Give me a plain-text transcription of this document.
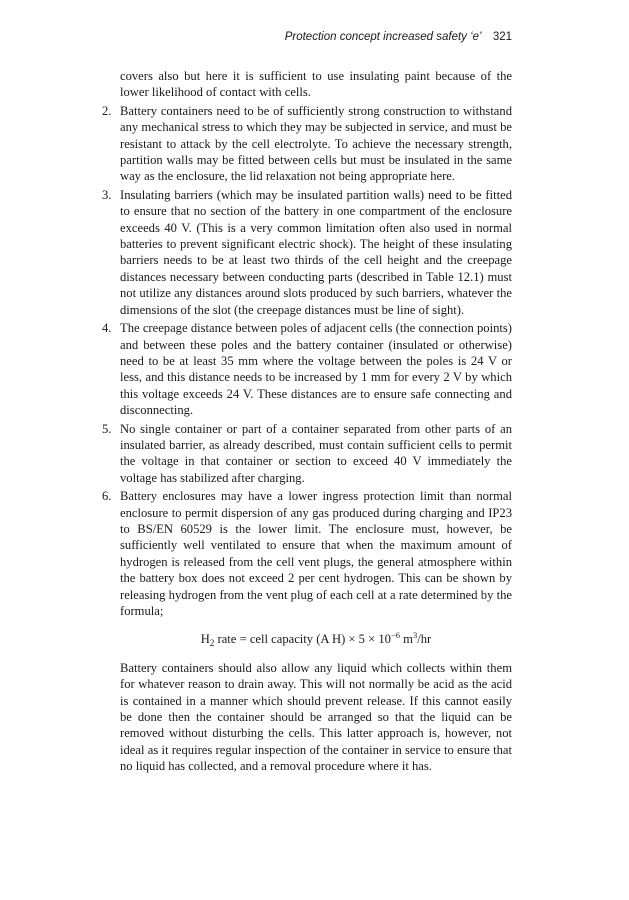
Protection concept increased safety ‘e’ 321

covers also but here it is sufficient to use insulating paint because of the lower likelihood of contact with cells.

2. Battery containers need to be of sufficiently strong construction to withstand any mechanical stress to which they may be subjected in service, and must be resistant to attack by the cell electrolyte. To achieve the necessary strength, partition walls may be fitted between cells but must be insulated in the same way as the enclosure, the lid relaxation not being appropriate here.

3. Insulating barriers (which may be insulated partition walls) need to be fitted to ensure that no section of the battery in one compartment of the enclosure exceeds 40 V. (This is a very common limitation often also used in normal batteries to prevent significant electric shock). The height of these insulating barriers needs to be at least two thirds of the cell height and the creepage distances necessary between conducting parts (described in Table 12.1) must not utilize any distances around slots produced by such barriers, whatever the dimensions of the slot (the creepage distances must be line of sight).

4. The creepage distance between poles of adjacent cells (the connection points) and between these poles and the battery container (insulated or otherwise) need to be at least 35 mm where the voltage between the poles is 24 V or less, and this distance needs to be increased by 1 mm for every 2 V by which this voltage exceeds 24 V. These distances are to ensure safe connecting and disconnecting.

5. No single container or part of a container separated from other parts of an insulated barrier, as already described, must contain sufficient cells to permit the voltage in that container or section to exceed 40 V immediately the voltage has stabilized after charging.

6. Battery enclosures may have a lower ingress protection limit than normal enclosure to permit dispersion of any gas produced during charging and IP23 to BS/EN 60529 is the lower limit. The enclosure must, however, be sufficiently well ventilated to ensure that when the maximum amount of hydrogen is released from the cell vent plugs, the general atmosphere within the battery box does not exceed 2 per cent hydrogen. This can be shown by releasing hydrogen from the vent plug of each cell at a rate determined by the formula;

$H_2$ rate = cell capacity (A $H) \times 5 \times 10^{-6}$ $m^3/hr$

Battery containers should also allow any liquid which collects within them for whatever reason to drain away. This will not normally be acid as the acid is contained in a manner which should prevent release. If this cannot easily be done then the container should be arranged so that the liquid can be removed without disturbing the cells. This latter approach is, however, not ideal as it requires regular inspection of the container in service to ensure that no liquid has collected, and a removal procedure where it has.
